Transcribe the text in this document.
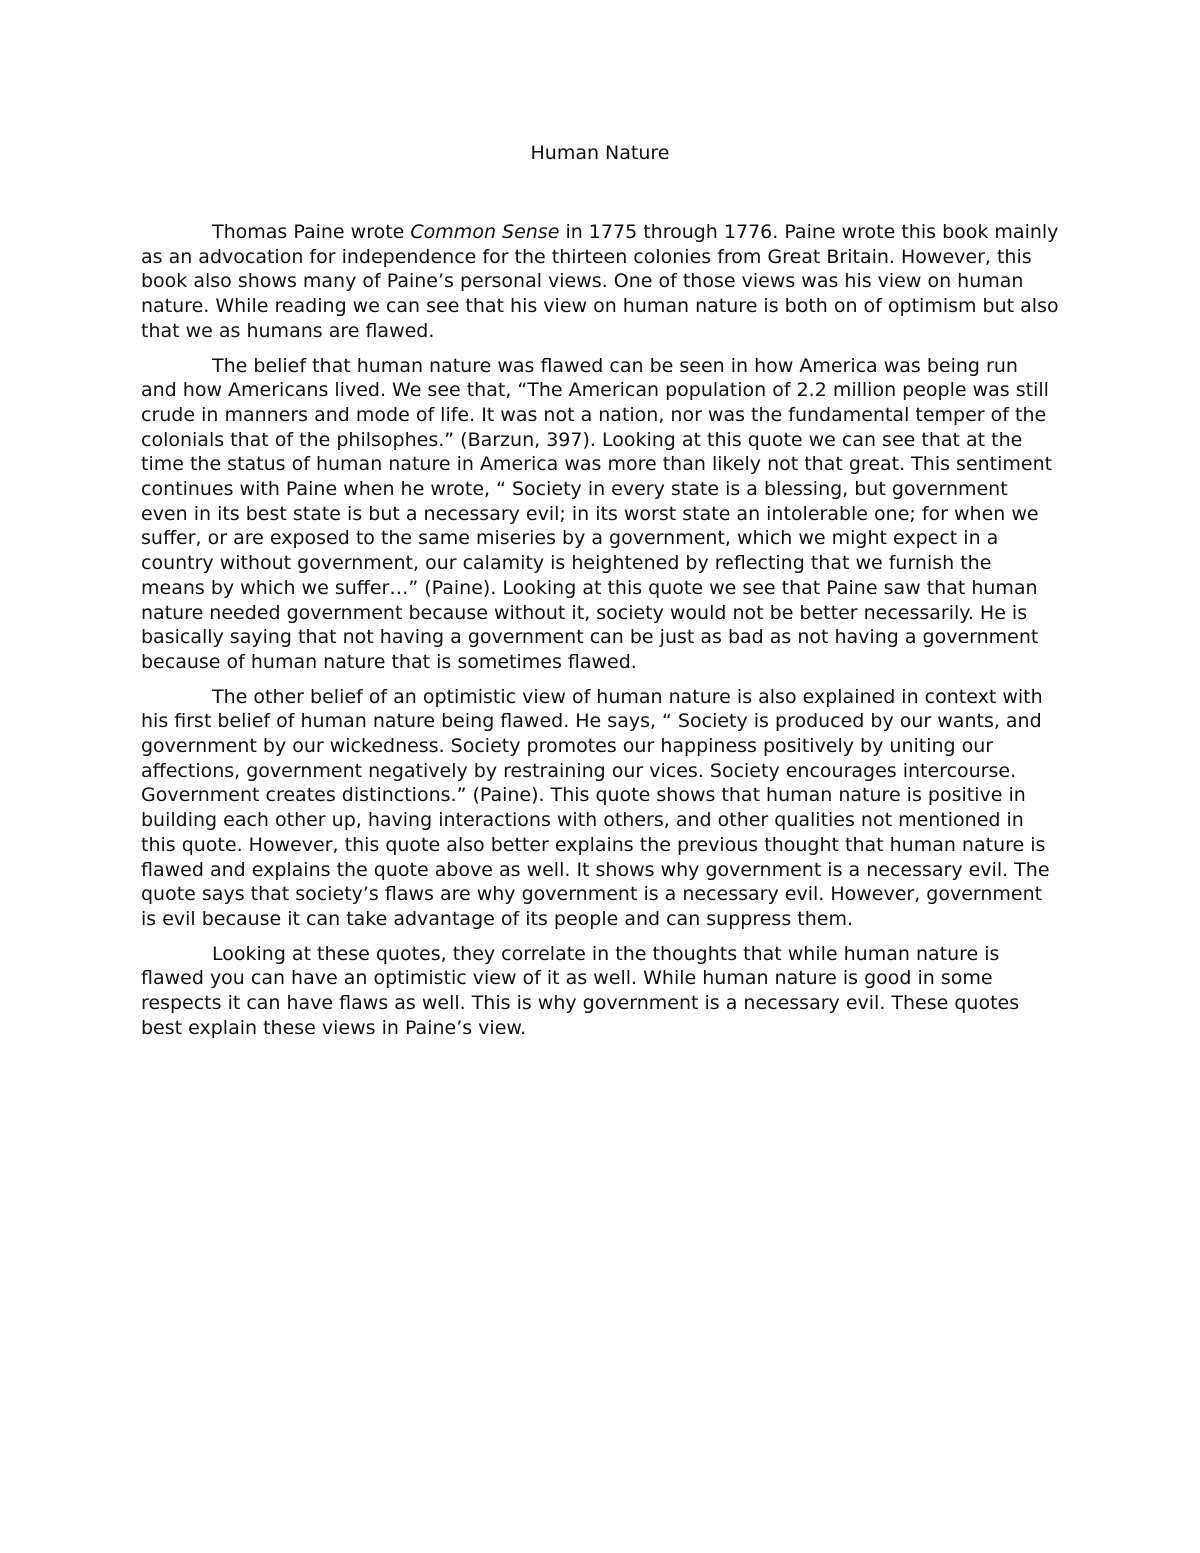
Human Nature

Thomas Paine wrote Common Sense in 1775 through 1776. Paine wrote this book mainly as an advocation for independence for the thirteen colonies from Great Britain. However, this book also shows many of Paine’s personal views. One of those views was his view on human nature. While reading we can see that his view on human nature is both on of optimism but also that we as humans are flawed.

The belief that human nature was flawed can be seen in how America was being run and how Americans lived. We see that, “The American population of 2.2 million people was still crude in manners and mode of life. It was not a nation, nor was the fundamental temper of the colonials that of the philsophes.” (Barzun, 397). Looking at this quote we can see that at the time the status of human nature in America was more than likely not that great. This sentiment continues with Paine when he wrote, “ Society in every state is a blessing, but government even in its best state is but a necessary evil; in its worst state an intolerable one; for when we suffer, or are exposed to the same miseries by a government, which we might expect in a country without government, our calamity is heightened by reflecting that we furnish the means by which we suffer…” (Paine). Looking at this quote we see that Paine saw that human nature needed government because without it, society would not be better necessarily. He is basically saying that not having a government can be just as bad as not having a government because of human nature that is sometimes flawed.

The other belief of an optimistic view of human nature is also explained in context with his first belief of human nature being flawed. He says, “ Society is produced by our wants, and government by our wickedness. Society promotes our happiness positively by uniting our affections, government negatively by restraining our vices. Society encourages intercourse. Government creates distinctions.” (Paine). This quote shows that human nature is positive in building each other up, having interactions with others, and other qualities not mentioned in this quote. However, this quote also better explains the previous thought that human nature is flawed and explains the quote above as well. It shows why government is a necessary evil. The quote says that society’s flaws are why government is a necessary evil. However, government is evil because it can take advantage of its people and can suppress them.

Looking at these quotes, they correlate in the thoughts that while human nature is flawed you can have an optimistic view of it as well. While human nature is good in some respects it can have flaws as well. This is why government is a necessary evil. These quotes best explain these views in Paine’s view.
